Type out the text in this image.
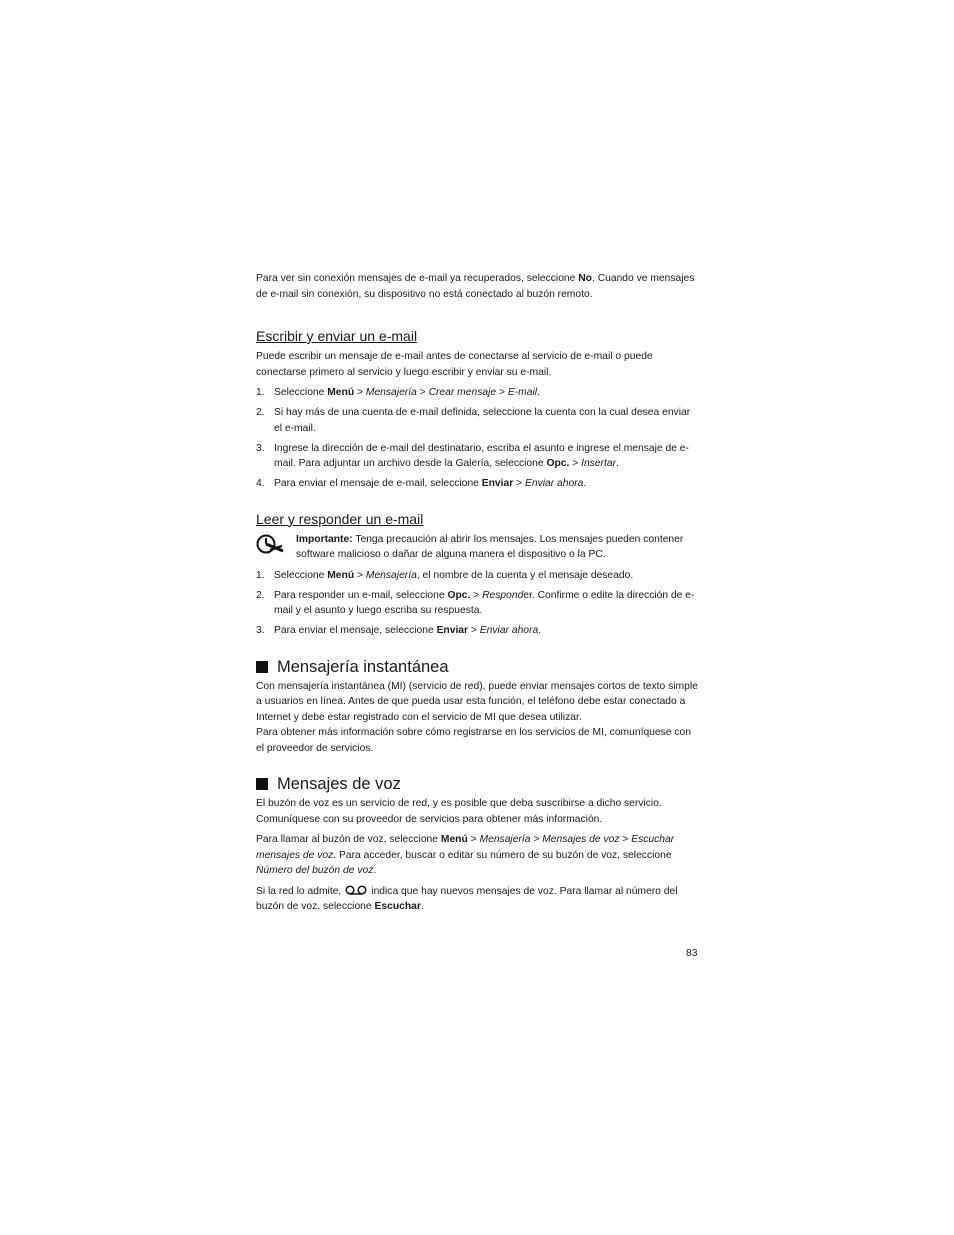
Para ver sin conexión mensajes de e-mail ya recuperados, seleccione No. Cuando ve mensajes de e-mail sin conexión, su dispositivo no está conectado al buzón remoto.

Escribir y enviar un e-mail

Puede escribir un mensaje de e-mail antes de conectarse al servicio de e-mail o puede conectarse primero al servicio y luego escribir y enviar su e-mail.

1. Seleccione Menú > Mensajería > Crear mensaje > E-mail.
2. Si hay más de una cuenta de e-mail definida, seleccione la cuenta con la cual desea enviar el e-mail.
3. Ingrese la dirección de e-mail del destinatario, escriba el asunto e ingrese el mensaje de e-mail. Para adjuntar un archivo desde la Galería, seleccione Opc. > Insertar.
4. Para enviar el mensaje de e-mail, seleccione Enviar > Enviar ahora.
Leer y responder un e-mail
Importante: Tenga precaución al abrir los mensajes. Los mensajes pueden contener software malicioso o dañar de alguna manera el dispositivo o la PC.
1. Seleccione Menú > Mensajería, el nombre de la cuenta y el mensaje deseado.
2. Para responder un e-mail, seleccione Opc. > Responder. Confirme o edite la dirección de e-mail y el asunto y luego escriba su respuesta.
3. Para enviar el mensaje, seleccione Enviar > Enviar ahora.
Mensajería instantánea

Con mensajería instantánea (MI) (servicio de red), puede enviar mensajes cortos de texto simple a usuarios en línea. Antes de que pueda usar esta función, el teléfono debe estar conectado a Internet y debe estar registrado con el servicio de MI que desea utilizar.

Para obtener más información sobre cómo registrarse en los servicios de MI, comuníquese con el proveedor de servicios.

Mensajes de voz

El buzón de voz es un servicio de red, y es posible que deba suscribirse a dicho servicio. Comuníquese con su proveedor de servicios para obtener más información.

Para llamar al buzón de voz, seleccione Menú > Mensajería > Mensajes de voz > Escuchar mensajes de voz. Para acceder, buscar o editar su número de su buzón de voz, seleccione Número del buzón de voz.

Si la red lo admite,	indica que hay nuevos mensajes de voz. Para llamar al número del buzón de voz, seleccione Escuchar.

83
